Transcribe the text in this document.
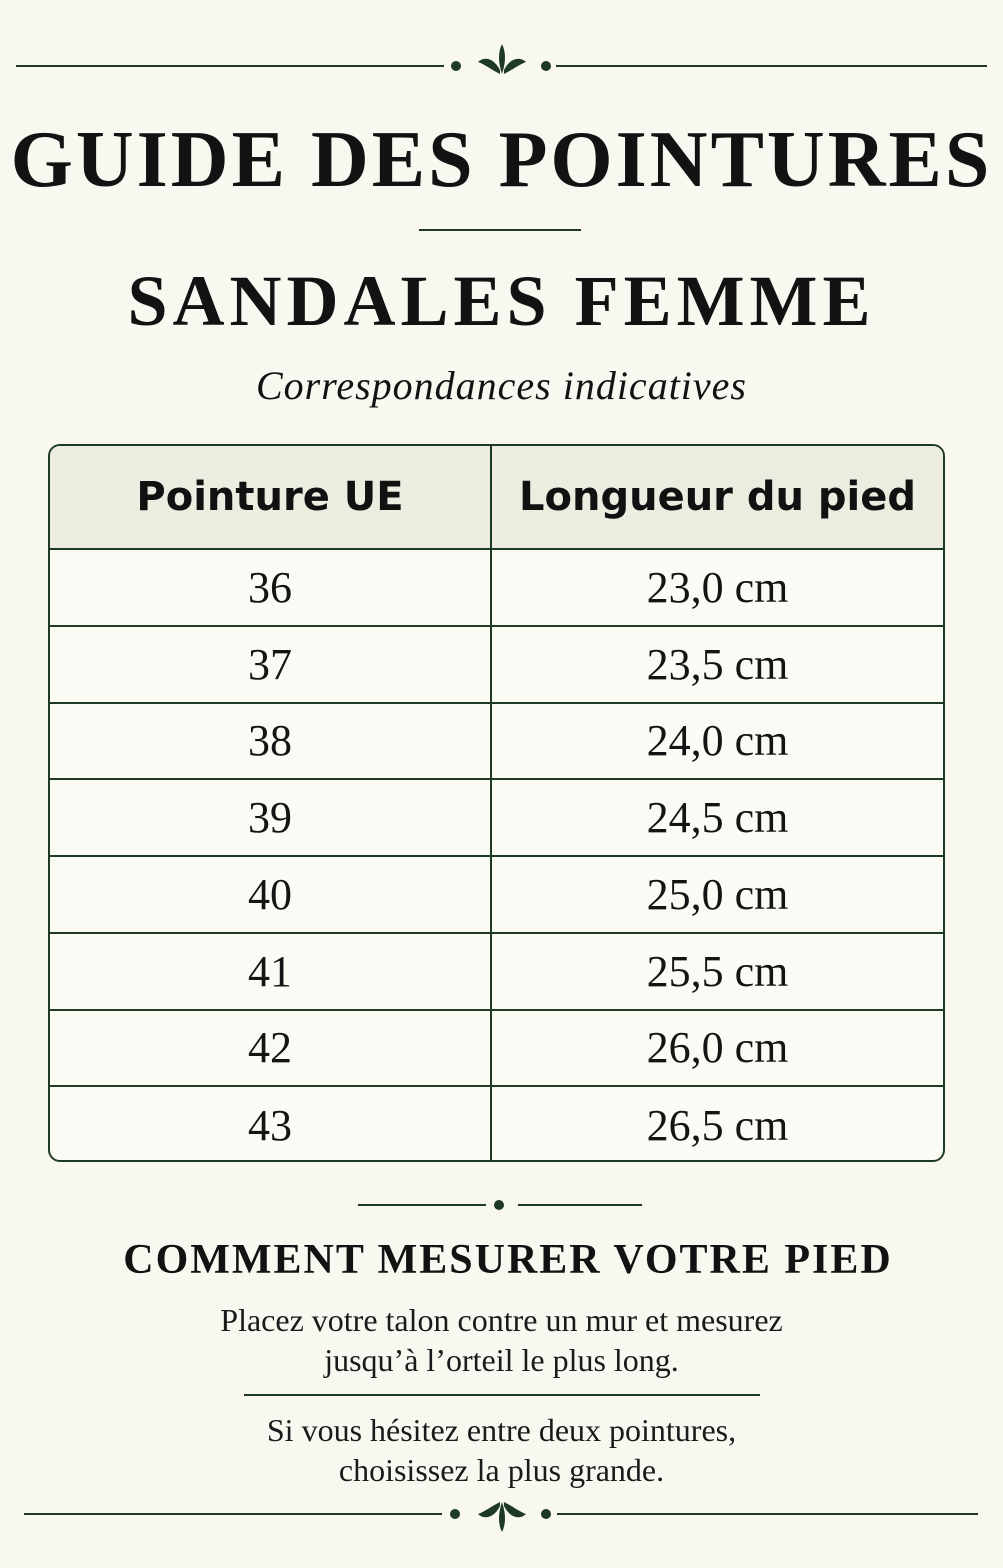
GUIDE DES POINTURES
SANDALES FEMME
Correspondances indicatives
Pointure UE	Longueur du pied
36	23,0 cm
37	23,5 cm
38	24,0 cm
39	24,5 cm
40	25,0 cm
41	25,5 cm
42	26,0 cm
43	26,5 cm
COMMENT MESURER VOTRE PIED
Placez votre talon contre un mur et mesurez
jusqu’à l’orteil le plus long.
Si vous hésitez entre deux pointures,
choisissez la plus grande.
